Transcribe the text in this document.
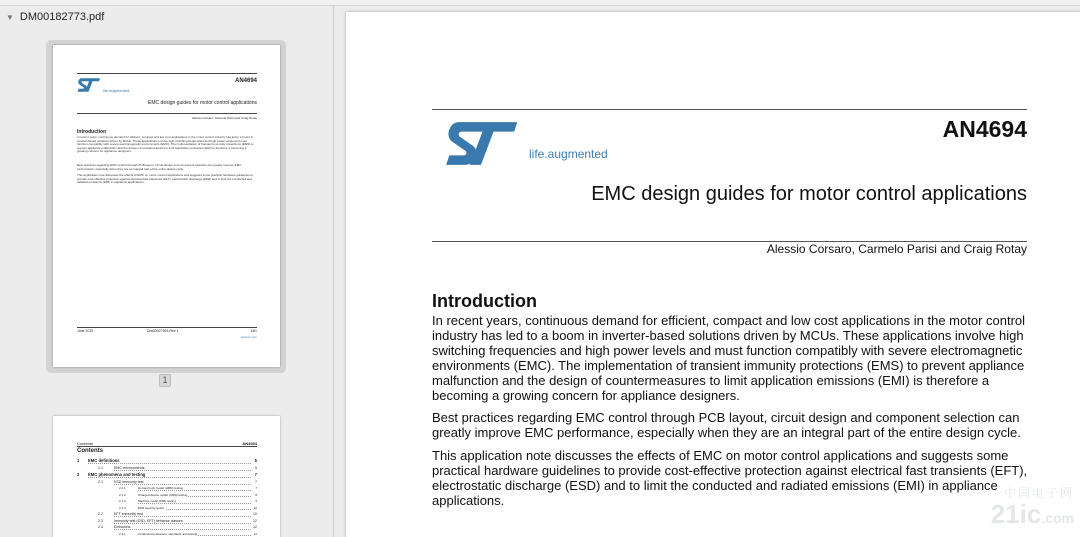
▼ DM00182773.pdf
life.augmented
AN4694
EMC design guides for motor control applications
Alessio Corsaro, Carmelo Parisi and Craig Rotay
Introduction
In recent years, continuous demand for efficient, compact and low cost applications in the motor control industry has led to a boom in inverter-based solutions driven by MCUs. These applications involve high switching frequencies and high power levels and must function compatibly with severe electromagnetic environments (EMC). The implementation of transient immunity protections (EMS) to prevent appliance malfunction and the design of countermeasures to limit application emissions (EMI) is therefore a becoming a growing concern for appliance designers.
Best practices regarding EMC control through PCB layout, circuit design and component selection can greatly improve EMC performance, especially when they are an integral part of the entire design cycle.
This application note discusses the effects of EMC on motor control applications and suggests some practical hardware guidelines to provide cost-effective protection against electrical fast transients (EFT), electrostatic discharge (ESD) and to limit the conducted and radiated emissions (EMI) in appliance applications.
June 2015	DocID027993 Rev 1	1/61
www.st.com
1
Contents	AN4694
Contents
1 EMC definitions	5
1.1	EMC environments	5
2 EMC phenomena and testing	7
2.1	ESD immunity test	7
2.1.1	Human body model (HBM) testing	7
2.1.2	Charged device model (CDM) testing	8
2.1.3	Machine model (MM) testing	9
2.1.4	ESD severity levels	10
2.2	EFT immunity test	10
2.3	Immunity test (ESD, EFT) behavior classes	12
2.4	Emissions	12
2.4.1	Conducted emissions: standards and testing	12
life.augmented
AN4694
EMC design guides for motor control applications
Alessio Corsaro, Carmelo Parisi and Craig Rotay
Introduction
In recent years, continuous demand for efficient, compact and low cost applications in the motor control industry has led to a boom in inverter-based solutions driven by MCUs. These applications involve high switching frequencies and high power levels and must function compatibly with severe electromagnetic environments (EMC). The implementation of transient immunity protections (EMS) to prevent appliance malfunction and the design of countermeasures to limit application emissions (EMI) is therefore a becoming a growing concern for appliance designers.
Best practices regarding EMC control through PCB layout, circuit design and component selection can greatly improve EMC performance, especially when they are an integral part of the entire design cycle.
This application note discusses the effects of EMC on motor control applications and suggests some practical hardware guidelines to provide cost-effective protection against electrical fast transients (EFT), electrostatic discharge (ESD) and to limit the conducted and radiated emissions (EMI) in appliance applications.	中国电子网
21ic.com
